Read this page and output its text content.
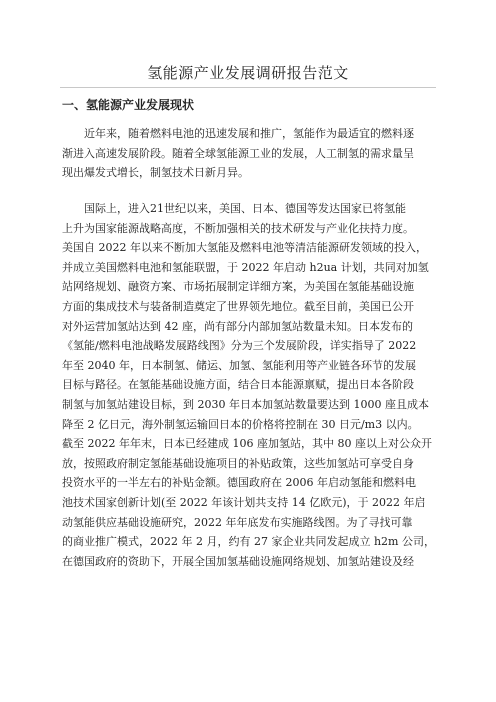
氢能源产业发展调研报告范文
一、氢能源产业发展现状

近年来，随着燃料电池的迅速发展和推广，氢能作为最适宜的燃料逐
渐进入高速发展阶段。随着全球氢能源工业的发展，人工制氢的需求量呈
现出爆发式增长，制氢技术日新月异。

国际上，进入21世纪以来，美国、日本、德国等发达国家已将氢能
上升为国家能源战略高度，不断加强相关的技术研发与产业化扶持力度。
美国自 2022 年以来不断加大氢能及燃料电池等清洁能源研发领域的投入，
并成立美国燃料电池和氢能联盟，于 2022 年启动 h2ua 计划，共同对加氢
站网络规划、融资方案、市场拓展制定详细方案，为美国在氢能基础设施
方面的集成技术与装备制造奠定了世界领先地位。截至目前，美国已公开
对外运营加氢站达到 42 座，尚有部分内部加氢站数量未知。日本发布的
《氢能/燃料电池战略发展路线图》分为三个发展阶段，详实指导了 2022
年至 2040 年，日本制氢、储运、加氢、氢能利用等产业链各环节的发展
目标与路径。在氢能基础设施方面，结合日本能源禀赋，提出日本各阶段
制氢与加氢站建设目标，到 2030 年日本加氢站数量要达到 1000 座且成本
降至 2 亿日元，海外制氢运输回日本的价格将控制在 30 日元/m3 以内。
截至 2022 年年末，日本已经建成 106 座加氢站，其中 80 座以上对公众开
放，按照政府制定氢能基础设施项目的补贴政策，这些加氢站可享受自身
投资水平的一半左右的补贴金额。德国政府在 2006 年启动氢能和燃料电
池技术国家创新计划(至 2022 年该计划共支持 14 亿欧元)，于 2022 年启
动氢能供应基础设施研究，2022 年年底发布实施路线图。为了寻找可靠
的商业推广模式，2022 年 2 月，约有 27 家企业共同发起成立 h2m 公司，
在德国政府的资助下，开展全国加氢基础设施网络规划、加氢站建设及经
